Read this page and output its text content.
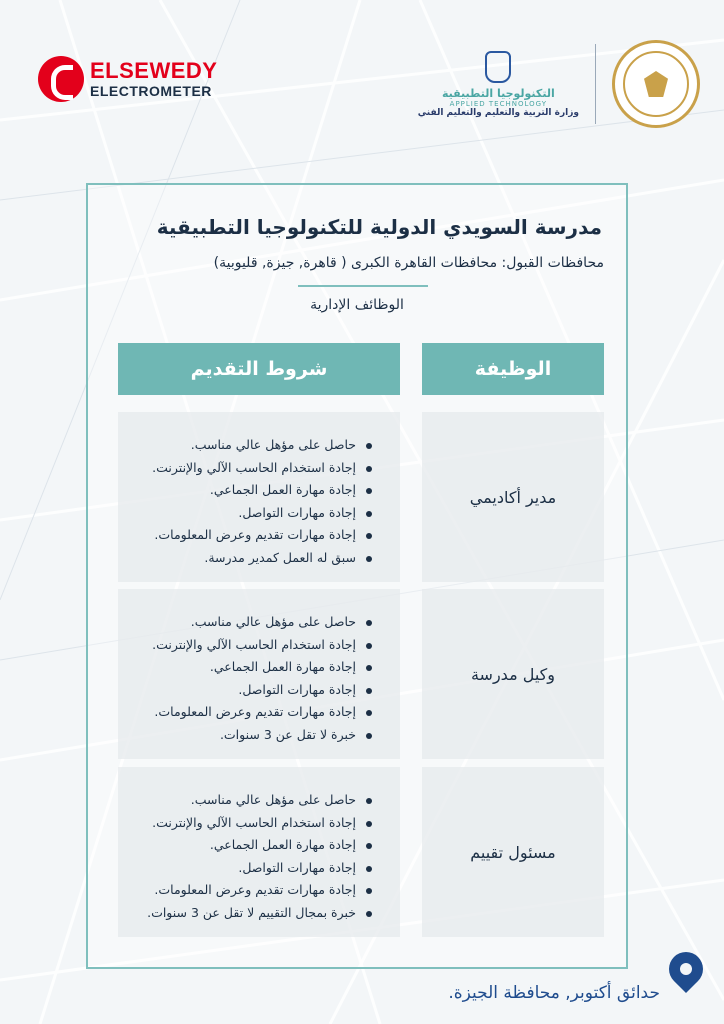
ELSEWEDY
ELECTROMETER	التكنولوجيا التطبيقية
APPLIED TECHNOLOGY
وزارة التربية والتعليم والتعليم الفني
مدرسة السويدي الدولية للتكنولوجيا التطبيقية
محافظات القبول: محافظات القاهرة الكبرى ( قاهرة, جيزة, قليوبية)
الوظائف الإدارية
الوظيفة
شروط التقديم
مدير أكاديمي
حاصل على مؤهل عالي مناسب.
إجادة استخدام الحاسب الآلي والإنترنت.
إجادة مهارة العمل الجماعي.
إجادة مهارات التواصل.
إجادة مهارات تقديم وعرض المعلومات.
سبق له العمل كمدير مدرسة.
وكيل مدرسة
حاصل على مؤهل عالي مناسب.
إجادة استخدام الحاسب الآلي والإنترنت.
إجادة مهارة العمل الجماعي.
إجادة مهارات التواصل.
إجادة مهارات تقديم وعرض المعلومات.
خبرة لا تقل عن 3 سنوات.
مسئول تقييم
حاصل على مؤهل عالي مناسب.
إجادة استخدام الحاسب الآلي والإنترنت.
إجادة مهارة العمل الجماعي.
إجادة مهارات التواصل.
إجادة مهارات تقديم وعرض المعلومات.
خبرة بمجال التقييم لا تقل عن 3 سنوات.
حدائق أكتوبر, محافظة الجيزة.
